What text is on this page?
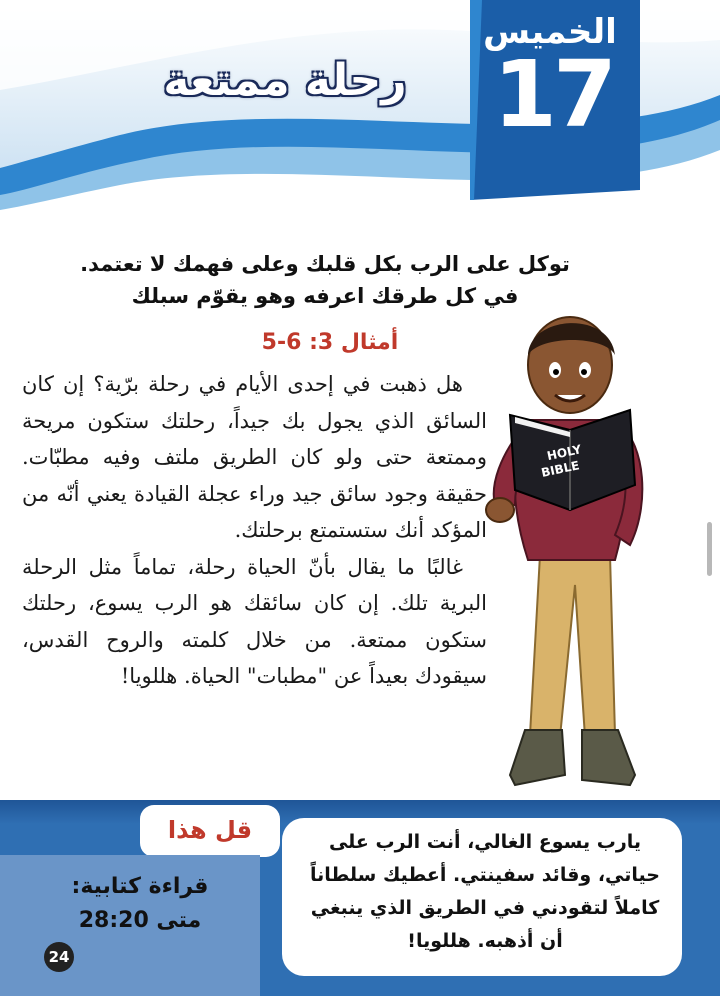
الخميس
17
رحلة ممتعة
توكل على الرب بكل قلبك وعلى فهمك لا تعتمد.
في كل طرقك اعرفه وهو يقوّم سبلك
أمثال 3: 6-5

هل ذهبت في إحدى الأيام في رحلة برّية؟ إن كان السائق الذي يجول بك جيداً، رحلتك ستكون مريحة وممتعة حتى ولو كان الطريق ملتف وفيه مطبّات. حقيقة وجود سائق جيد وراء عجلة القيادة يعني أنّه من المؤكد أنك ستستمتع برحلتك.

غالبًا ما يقال بأنّ الحياة رحلة، تماماً مثل الرحلة البرية تلك. إن كان سائقك هو الرب يسوع، رحلتك ستكون ممتعة. من خلال كلمته والروح القدس، سيقودك بعيداً عن "مطبات" الحياة. هللويا!

HOLY
BIBLE
يارب يسوع الغالي، أنت الرب على حياتي، وقائد سفينتي. أعطيك سلطاناً كاملاً لتقودني في الطريق الذي ينبغي أن أذهبه. هللويا!
قل هذا
قراءة كتابية:
متى 28:20
24
